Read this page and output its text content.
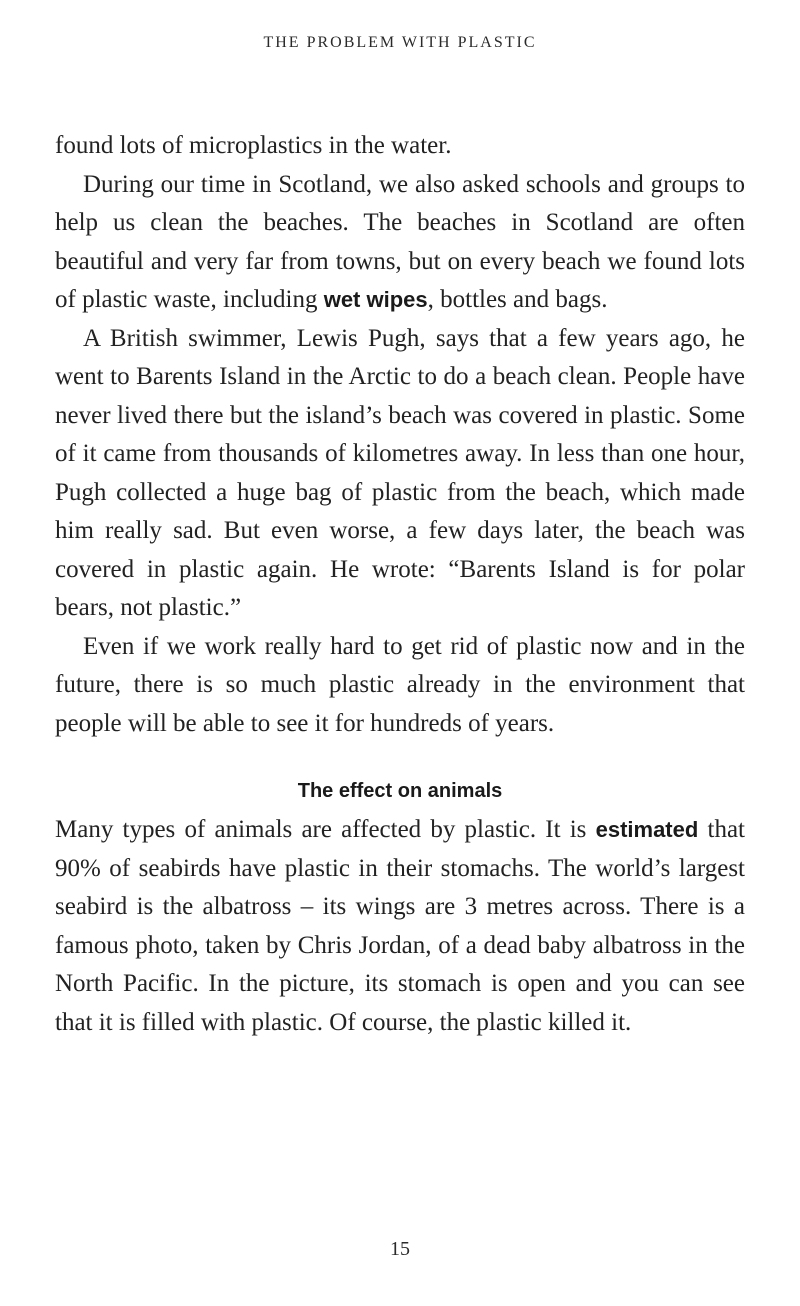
THE PROBLEM WITH PLASTIC

found lots of microplastics in the water.

During our time in Scotland, we also asked schools and groups to help us clean the beaches. The beaches in Scotland are often beautiful and very far from towns, but on every beach we found lots of plastic waste, including wet wipes, bottles and bags.

A British swimmer, Lewis Pugh, says that a few years ago, he went to Barents Island in the Arctic to do a beach clean. People have never lived there but the island’s beach was covered in plastic. Some of it came from thousands of kilometres away. In less than one hour, Pugh collected a huge bag of plastic from the beach, which made him really sad. But even worse, a few days later, the beach was covered in plastic again. He wrote: “Barents Island is for polar bears, not plastic.”

Even if we work really hard to get rid of plastic now and in the future, there is so much plastic already in the environment that people will be able to see it for hundreds of years.

The effect on animals

Many types of animals are affected by plastic. It is estimated that 90% of seabirds have plastic in their stomachs. The world’s largest seabird is the albatross – its wings are 3 metres across. There is a famous photo, taken by Chris Jordan, of a dead baby albatross in the North Pacific. In the picture, its stomach is open and you can see that it is filled with plastic. Of course, the plastic killed it.

15
